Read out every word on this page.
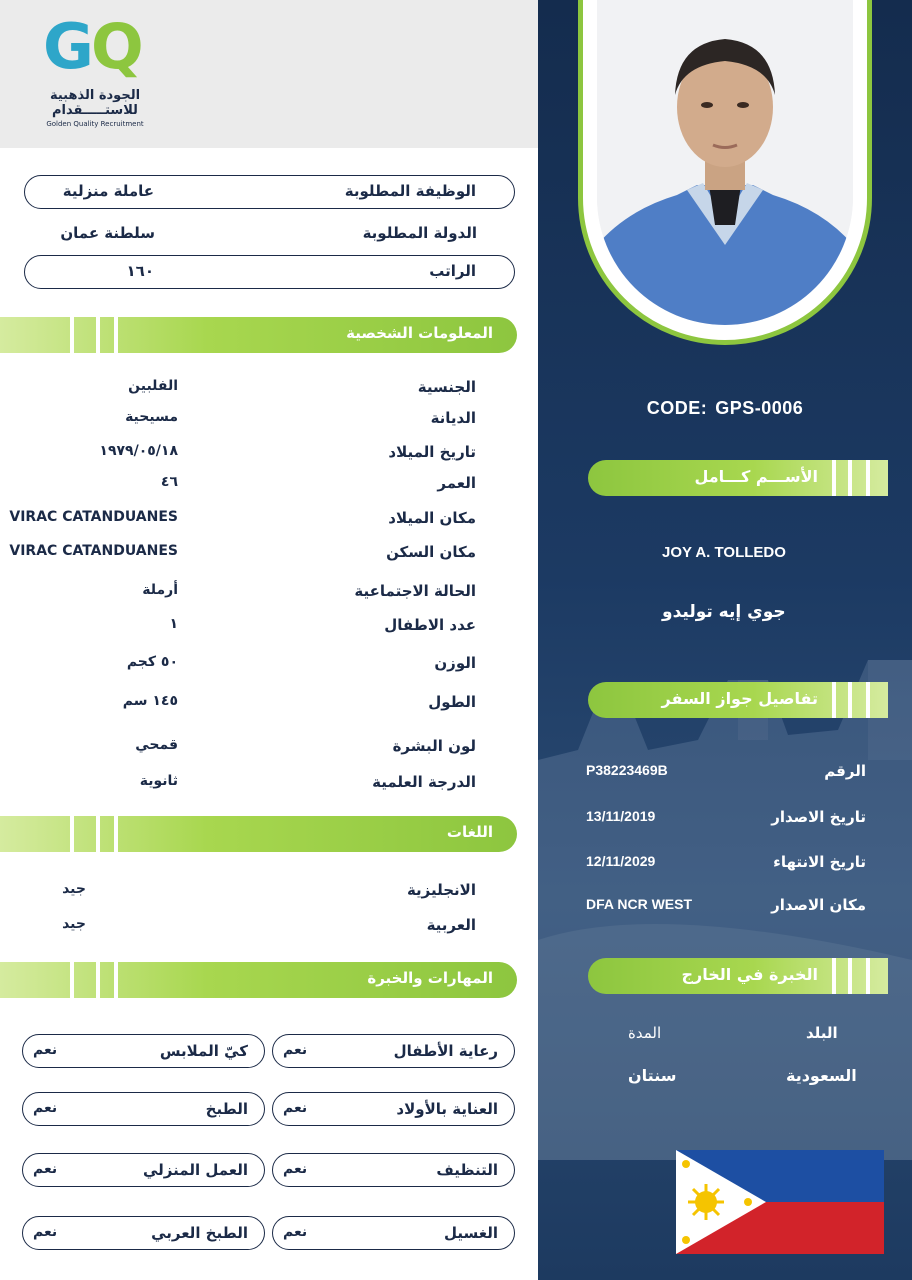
G
Q
الجودة الذهبية
للاستـــــقدام
Golden Quality Recruitment
الوظيفة المطلوبة
عاملة منزلية
الدولة المطلوبة
سلطنة عمان
الراتب
١٦٠
المعلومات الشخصية
الجنسية
الفلبين
الديانة
مسيحية
تاريخ الميلاد
١٩٧٩/٠٥/١٨
العمر
٤٦
مكان الميلاد
VIRAC CATANDUANES
مكان السكن
VIRAC CATANDUANES
الحالة الاجتماعية
أرملة
عدد الاطفال
١
الوزن
٥٠ كجم
الطول
١٤٥ سم
لون البشرة
قمحي
الدرجة العلمية
ثانوية
اللغات
الانجليزية
جيد
العربية
جيد
المهارات والخبرة
رعاية الأطفال
نعم
كيّ الملابس
نعم
العناية بالأولاد
نعم
الطبخ
نعم
التنظيف
نعم
العمل المنزلي
نعم
الغسيل
نعم
الطبخ العربي
نعم
CODE: GPS-0006
الأســـم كـــامل
JOY A. TOLLEDO
جوي إيه توليدو
تفاصيل جواز السفر
الرقم
P38223469B
تاريخ الاصدار
13/11/2019
تاريخ الانتهاء
12/11/2029
مكان الاصدار
DFA NCR WEST
الخبرة في الخارج
البلد
المدة
السعودية
سنتان
